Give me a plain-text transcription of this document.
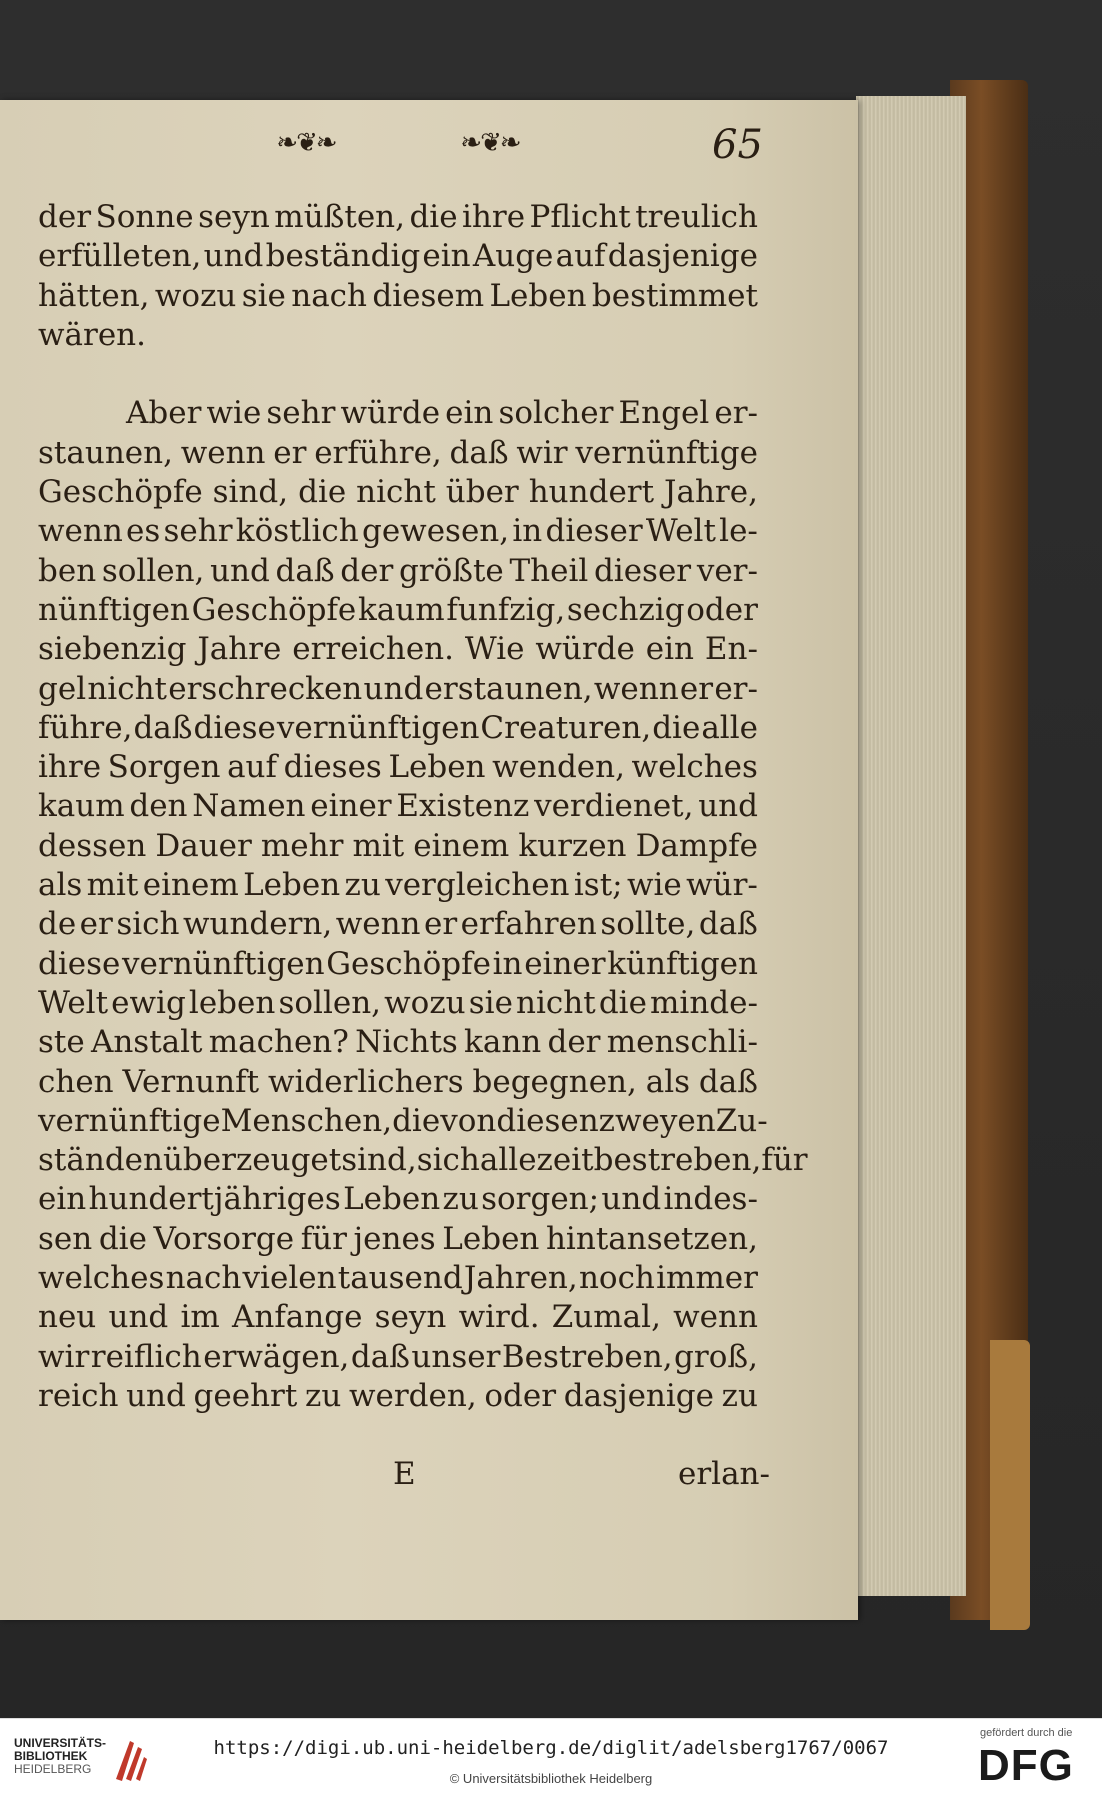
❧❦❧	❧❦❧	65
der Sonne seyn müßten, die ihre Pflicht treulich
erfülleten, und beständig ein Auge auf dasjenige
hätten, wozu sie nach diesem Leben bestimmet
wären.
Aber wie sehr würde ein solcher Engel er-
staunen, wenn er erführe, daß wir vernünftige
Geschöpfe sind, die nicht über hundert Jahre,
wenn es sehr köstlich gewesen, in dieser Welt le-
ben sollen, und daß der größte Theil dieser ver-
nünftigen Geschöpfe kaum funfzig, sechzig oder
siebenzig Jahre erreichen. Wie würde ein En-
gel nicht erschrecken und erstaunen, wenn er er-
führe, daß diese vernünftigen Creaturen, die alle
ihre Sorgen auf dieses Leben wenden, welches
kaum den Namen einer Existenz verdienet, und
dessen Dauer mehr mit einem kurzen Dampfe
als mit einem Leben zu vergleichen ist; wie wür-
de er sich wundern, wenn er erfahren sollte, daß
diese vernünftigen Geschöpfe in einer künftigen
Welt ewig leben sollen, wozu sie nicht die minde-
ste Anstalt machen? Nichts kann der menschli-
chen Vernunft widerlichers begegnen, als daß
vernünftige Menschen, die von diesen zweyen Zu-
ständen überzeuget sind, sich allezeit bestreben, für
ein hundertjähriges Leben zu sorgen; und indes-
sen die Vorsorge für jenes Leben hintansetzen,
welches nach vielen tausend Jahren, noch immer
neu und im Anfange seyn wird. Zumal, wenn
wir reiflich erwägen, daß unser Bestreben, groß,
reich und geehrt zu werden, oder dasjenige zu
E	erlan-
UNIVERSITÄTS-
BIBLIOTHEK
HEIDELBERG
https://digi.ub.uni-heidelberg.de/diglit/adelsberg1767/0067
© Universitätsbibliothek Heidelberg
gefördert durch die
DFG
